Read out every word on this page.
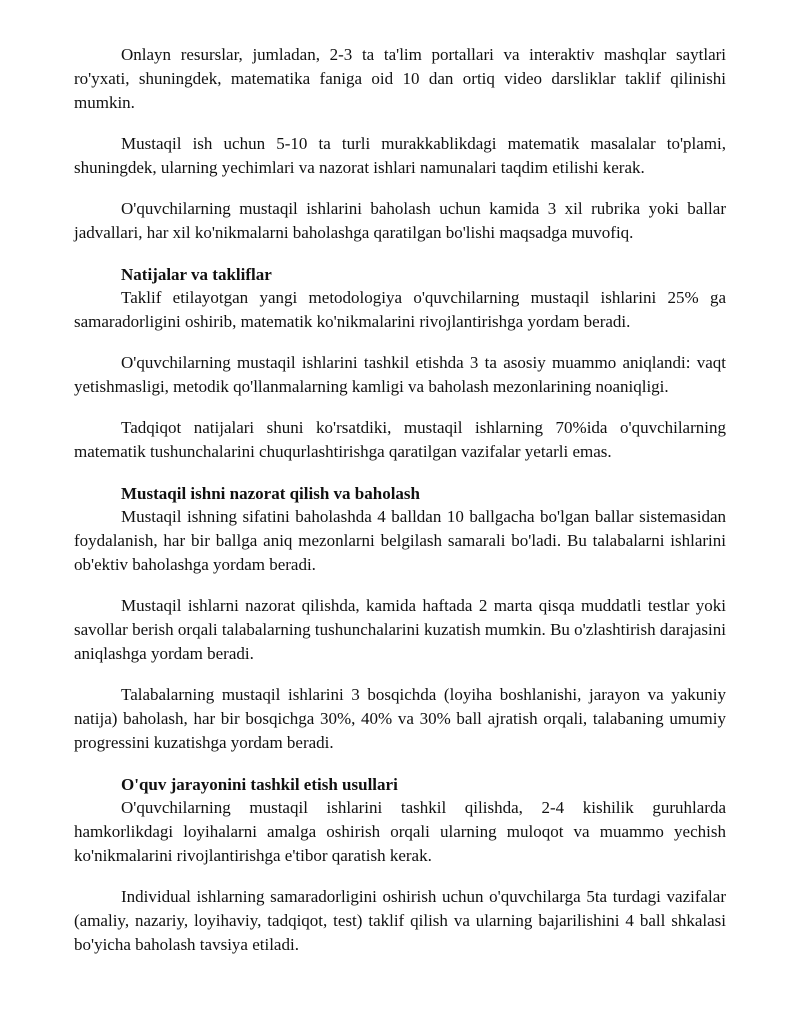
Onlayn resurslar, jumladan, 2-3 ta ta'lim portallari va interaktiv mashqlar saytlari ro'yxati, shuningdek, matematika faniga oid 10 dan ortiq video darsliklar taklif qilinishi mumkin.

Mustaqil ish uchun 5-10 ta turli murakkablikdagi matematik masalalar to'plami, shuningdek, ularning yechimlari va nazorat ishlari namunalari taqdim etilishi kerak.

O'quvchilarning mustaqil ishlarini baholash uchun kamida 3 xil rubrika yoki ballar jadvallari, har xil ko'nikmalarni baholashga qaratilgan bo'lishi maqsadga muvofiq.

Natijalar va takliflar

Taklif etilayotgan yangi metodologiya o'quvchilarning mustaqil ishlarini 25% ga samaradorligini oshirib, matematik ko'nikmalarini rivojlantirishga yordam beradi.

O'quvchilarning mustaqil ishlarini tashkil etishda 3 ta asosiy muammo aniqlandi: vaqt yetishmasligi, metodik qo'llanmalarning kamligi va baholash mezonlarining noaniqligi.

Tadqiqot natijalari shuni ko'rsatdiki, mustaqil ishlarning 70%ida o'quvchilarning matematik tushunchalarini chuqurlashtirishga qaratilgan vazifalar yetarli emas.

Mustaqil ishni nazorat qilish va baholash

Mustaqil ishning sifatini baholashda 4 balldan 10 ballgacha bo'lgan ballar sistemasidan foydalanish, har bir ballga aniq mezonlarni belgilash samarali bo'ladi. Bu talabalarni ishlarini ob'ektiv baholashga yordam beradi.

Mustaqil ishlarni nazorat qilishda, kamida haftada 2 marta qisqa muddatli testlar yoki savollar berish orqali talabalarning tushunchalarini kuzatish mumkin. Bu o'zlashtirish darajasini aniqlashga yordam beradi.

Talabalarning mustaqil ishlarini 3 bosqichda (loyiha boshlanishi, jarayon va yakuniy natija) baholash, har bir bosqichga 30%, 40% va 30% ball ajratish orqali, talabaning umumiy progressini kuzatishga yordam beradi.

O'quv jarayonini tashkil etish usullari

O'quvchilarning mustaqil ishlarini tashkil qilishda, 2-4 kishilik guruhlarda hamkorlikdagi loyihalarni amalga oshirish orqali ularning muloqot va muammo yechish ko'nikmalarini rivojlantirishga e'tibor qaratish kerak.

Individual ishlarning samaradorligini oshirish uchun o'quvchilarga 5ta turdagi vazifalar (amaliy, nazariy, loyihaviy, tadqiqot, test) taklif qilish va ularning bajarilishini 4 ball shkalasi bo'yicha baholash tavsiya etiladi.
